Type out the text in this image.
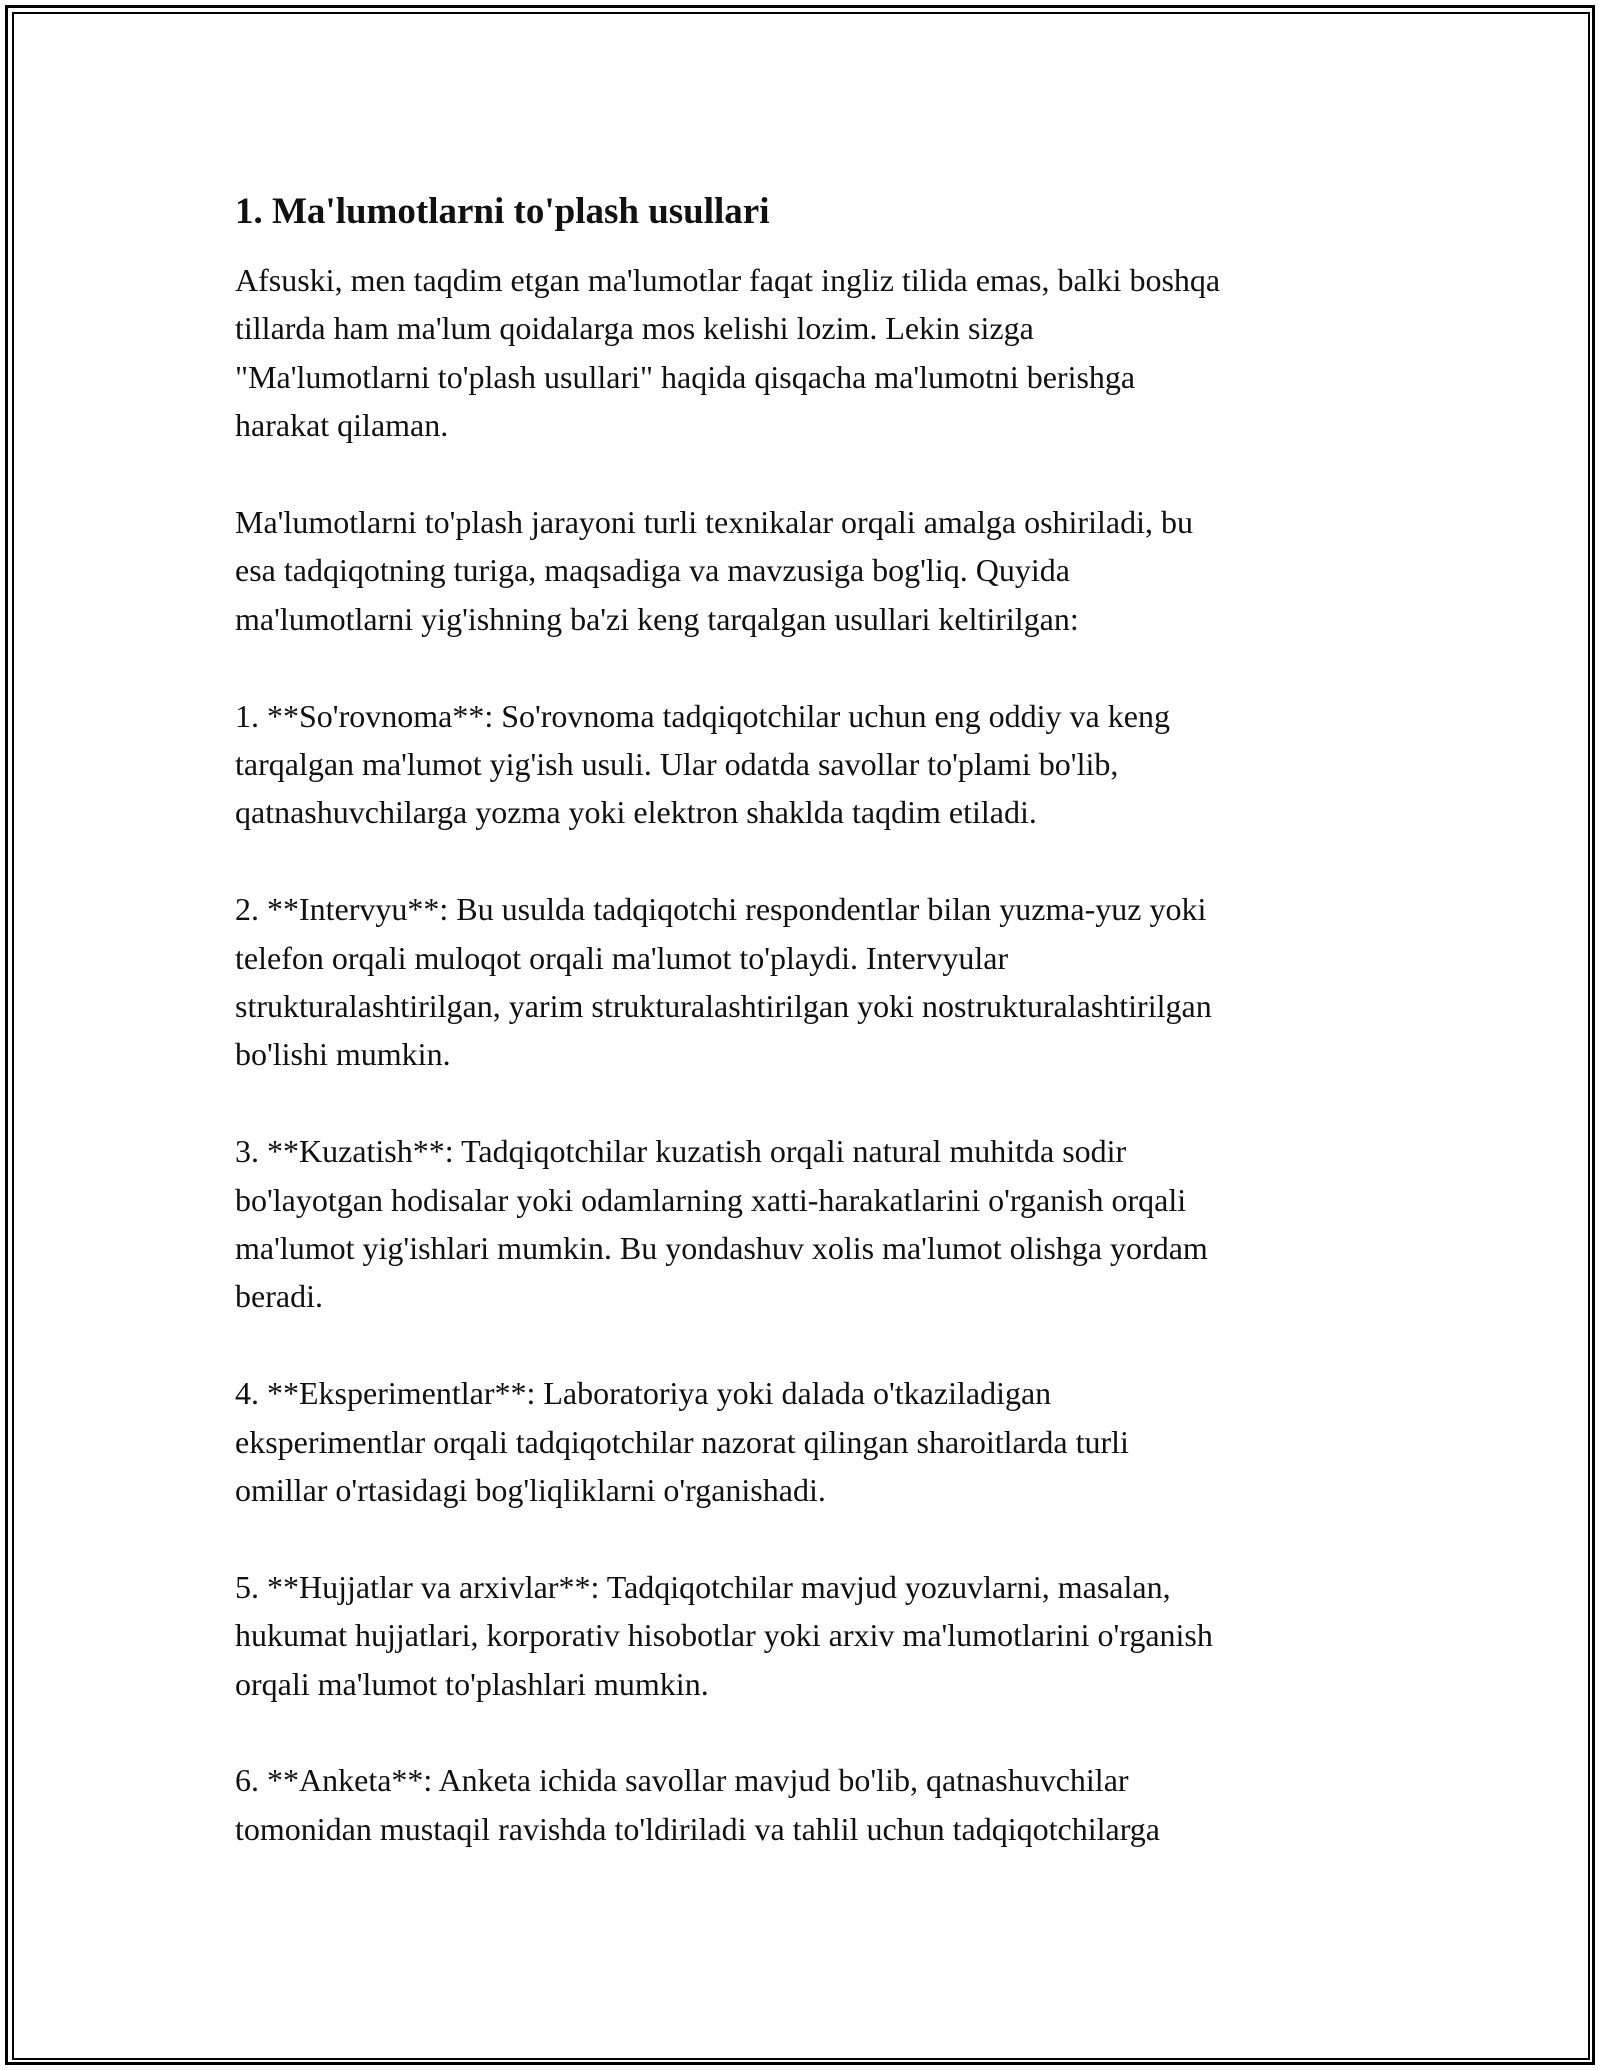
1. Ma'lumotlarni to'plash usullari

Afsuski, men taqdim etgan ma'lumotlar faqat ingliz tilida emas, balki boshqa
tillarda ham ma'lum qoidalarga mos kelishi lozim. Lekin sizga
"Ma'lumotlarni to'plash usullari" haqida qisqacha ma'lumotni berishga
harakat qilaman.

Ma'lumotlarni to'plash jarayoni turli texnikalar orqali amalga oshiriladi, bu
esa tadqiqotning turiga, maqsadiga va mavzusiga bog'liq. Quyida
ma'lumotlarni yig'ishning ba'zi keng tarqalgan usullari keltirilgan:

1. **So'rovnoma**: So'rovnoma tadqiqotchilar uchun eng oddiy va keng
tarqalgan ma'lumot yig'ish usuli. Ular odatda savollar to'plami bo'lib,
qatnashuvchilarga yozma yoki elektron shaklda taqdim etiladi.

2. **Intervyu**: Bu usulda tadqiqotchi respondentlar bilan yuzma-yuz yoki
telefon orqali muloqot orqali ma'lumot to'playdi. Intervyular
strukturalashtirilgan, yarim strukturalashtirilgan yoki nostrukturalashtirilgan
bo'lishi mumkin.

3. **Kuzatish**: Tadqiqotchilar kuzatish orqali natural muhitda sodir
bo'layotgan hodisalar yoki odamlarning xatti-harakatlarini o'rganish orqali
ma'lumot yig'ishlari mumkin. Bu yondashuv xolis ma'lumot olishga yordam
beradi.

4. **Eksperimentlar**: Laboratoriya yoki dalada o'tkaziladigan
eksperimentlar orqali tadqiqotchilar nazorat qilingan sharoitlarda turli
omillar o'rtasidagi bog'liqliklarni o'rganishadi.

5. **Hujjatlar va arxivlar**: Tadqiqotchilar mavjud yozuvlarni, masalan,
hukumat hujjatlari, korporativ hisobotlar yoki arxiv ma'lumotlarini o'rganish
orqali ma'lumot to'plashlari mumkin.

6. **Anketa**: Anketa ichida savollar mavjud bo'lib, qatnashuvchilar
tomonidan mustaqil ravishda to'ldiriladi va tahlil uchun tadqiqotchilarga
